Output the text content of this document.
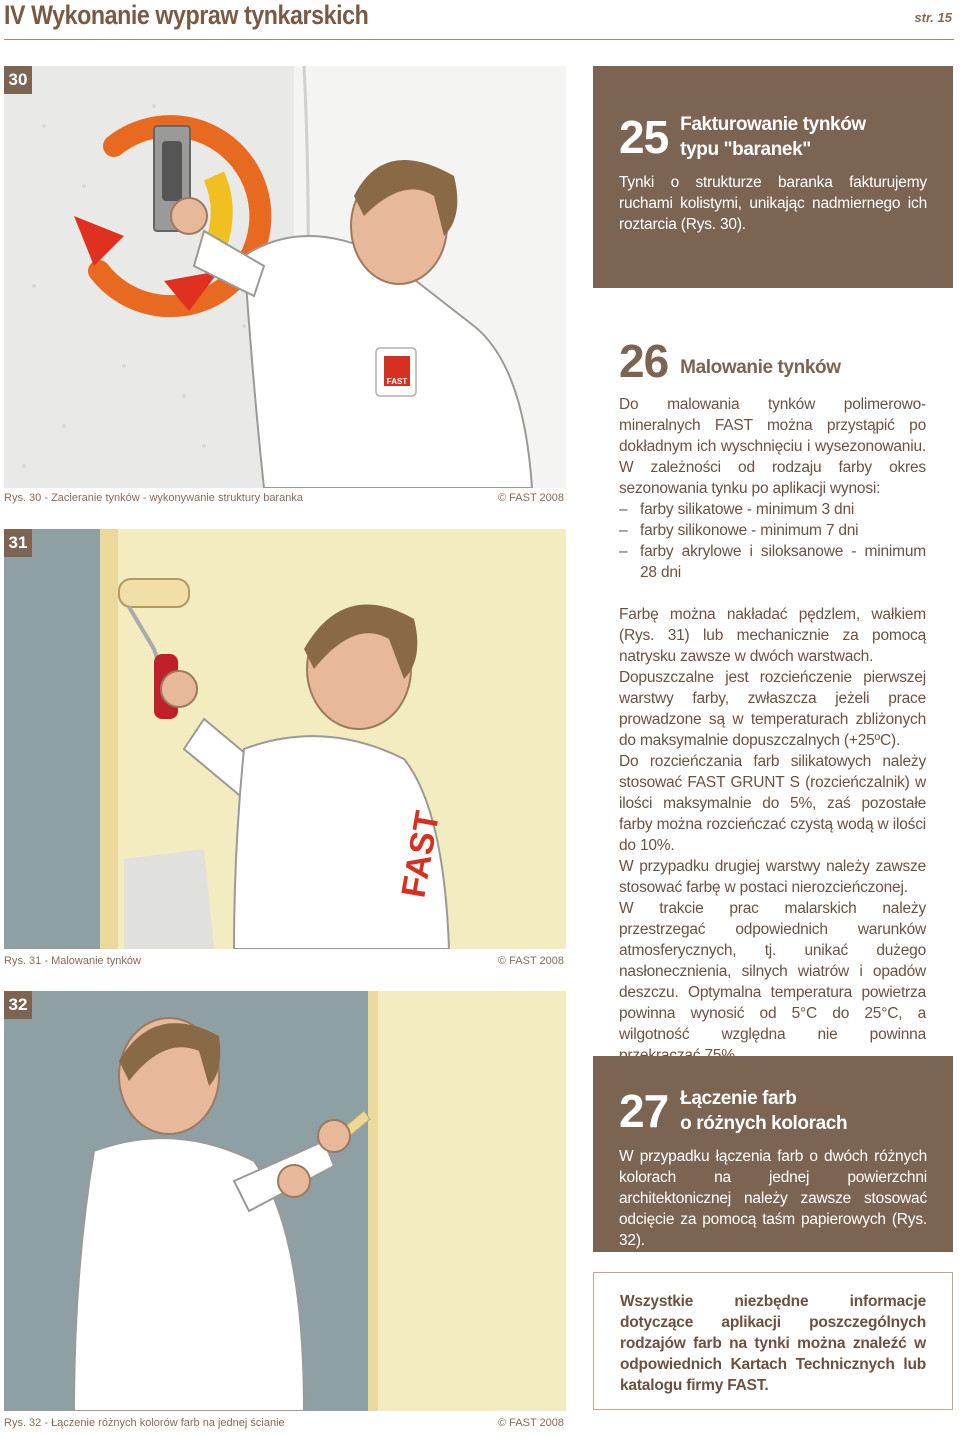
IV Wykonanie wypraw tynkarskich	str. 15
30
FAST
Rys. 30 - Zacieranie tynków - wykonywanie struktury baranka	© FAST 2008
31
FAST
Rys. 31 - Malowanie tynków	© FAST 2008
32
Rys. 32 - Łączenie różnych kolorów farb na jednej ścianie	© FAST 2008
25 Fakturowanie tynków
typu "baranek"
Tynki o strukturze baranka fakturujemy ruchami kolistymi, unikając nadmiernego ich roztarcia (Rys. 30).
26 Malowanie tynków
Do malowania tynków polimerowo-mineralnych FAST można przystąpić po dokładnym ich wyschnięciu i wysezonowaniu. W zależności od rodzaju farby okres sezonowania tynku po aplikacji wynosi:
– farby silikatowe - minimum 3 dni
– farby silikonowe - minimum 7 dni
– farby akrylowe i siloksanowe - minimum 28 dni
Farbę można nakładać pędzlem, wałkiem (Rys. 31) lub mechanicznie za pomocą natrysku zawsze w dwóch warstwach.
Dopuszczalne jest rozcieńczenie pierwszej warstwy farby, zwłaszcza jeżeli prace prowadzone są w temperaturach zbliżonych do maksymalnie dopuszczalnych (+25ºC).
Do rozcieńczania farb silikatowych należy stosować FAST GRUNT S (rozcieńczalnik) w ilości maksymalnie do 5%, zaś pozostałe farby można rozcieńczać czystą wodą w ilości do 10%.
W przypadku drugiej warstwy należy zawsze stosować farbę w postaci nierozcieńczonej.
W trakcie prac malarskich należy przestrzegać odpowiednich warunków atmosferycznych, tj. unikać dużego nasłonecznienia, silnych wiatrów i opadów deszczu. Optymalna temperatura powietrza powinna wynosić od 5°C do 25°C, a wilgotność względna nie powinna
27 Łączenie farb
o różnych kolorach
W przypadku łączenia farb o dwóch różnych kolorach na jednej powierzchni architektonicznej należy zawsze stosować odcięcie za pomocą taśm papierowych (Rys. 32).
Wszystkie niezbędne informacje dotyczące aplikacji poszczególnych rodzajów farb na tynki można znaleźć w odpowiednich Kartach Technicznych lub katalogu firmy FAST.
